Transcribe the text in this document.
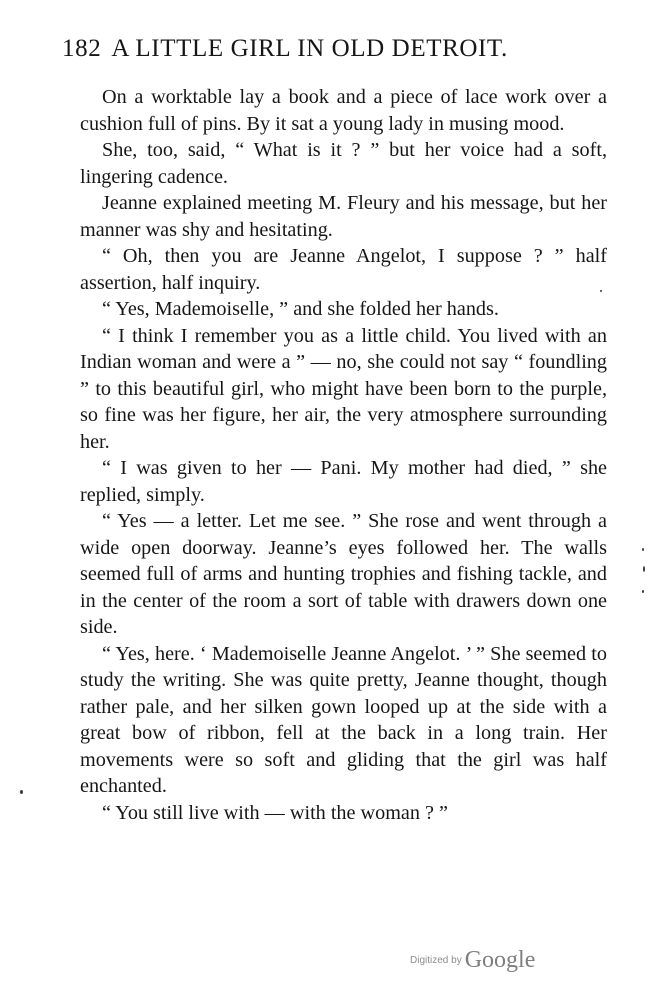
182 A LITTLE GIRL IN OLD DETROIT.

On a worktable lay a book and a piece of lace work over a cushion full of pins. By it sat a young lady in musing mood.

She, too, said, “ What is it ? ” but her voice had a soft, lingering cadence.

Jeanne explained meeting M. Fleury and his message, but her manner was shy and hesitating.

“ Oh, then you are Jeanne Angelot, I suppose ? ” half assertion, half inquiry.

“ Yes, Mademoiselle, ” and she folded her hands.

“ I think I remember you as a little child. You lived with an Indian woman and were a ” — no, she could not say “ foundling ” to this beautiful girl, who might have been born to the purple, so fine was her figure, her air, the very atmosphere surrounding her.

“ I was given to her — Pani. My mother had died, ” she replied, simply.

“ Yes — a letter. Let me see. ” She rose and went through a wide open doorway. Jeanne’s eyes followed her. The walls seemed full of arms and hunting trophies and fishing tackle, and in the center of the room a sort of table with drawers down one side.

“ Yes, here. ‘ Mademoiselle Jeanne Angelot. ’ ” She seemed to study the writing. She was quite pretty, Jeanne thought, though rather pale, and her silken gown looped up at the side with a great bow of ribbon, fell at the back in a long train. Her movements were so soft and gliding that the girl was half enchanted.

“ You still live with — with the woman ? ”

$^{Digitized by}$ Google
